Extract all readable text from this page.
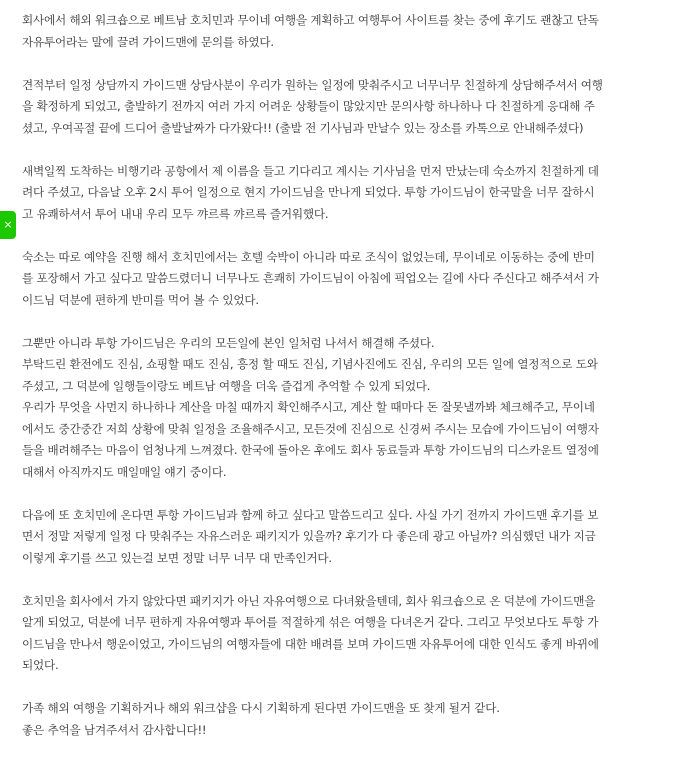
×

회사에서 해외 워크숍으로 베트남 호치민과 무이네 여행을 계획하고 여행투어 사이트를 찾는 중에 후기도 괜찮고 단독
자유투어라는 말에 끌려 가이드맨에 문의를 하였다.

견적부터 일정 상담까지 가이드맨 상담사분이 우리가 원하는 일정에 맞춰주시고 너무너무 친절하게 상담해주셔서 여행
을 확정하게 되었고, 출발하기 전까지 여러 가지 어려운 상황들이 많았지만 문의사항 하나하나 다 친절하게 응대해 주
셨고, 우여곡절 끝에 드디어 출발날짜가 다가왔다!! (출발 전 기사님과 만날수 있는 장소를 카톡으로 안내해주셨다)

새벽일찍 도착하는 비행기라 공항에서 제 이름을 들고 기다리고 계시는 기사님을 먼저 만났는데 숙소까지 친절하게 데
려다 주셨고, 다음날 오후 2시 투어 일정으로 현지 가이드님을 만나게 되었다. 투항 가이드님이 한국말을 너무 잘하시
고 유쾌하셔서 투어 내내 우리 모두 꺄르륵 꺄르륵 즐거워했다.

숙소는 따로 예약을 진행 해서 호치민에서는 호텔 숙박이 아니라 따로 조식이 없었는데, 무이네로 이동하는 중에 반미
를 포장해서 가고 싶다고 말씀드렸더니 너무나도 흔쾌히 가이드님이 아침에 픽업오는 길에 사다 주신다고 해주셔서 가
이드님 덕분에 편하게 반미를 먹어 볼 수 있었다.

그뿐만 아니라 투항 가이드님은 우리의 모든일에 본인 일처럼 나셔서 해결해 주셨다.
부탁드린 환전에도 진심, 쇼핑할 때도 진심, 흥정 할 때도 진심, 기념사진에도 진심, 우리의 모든 일에 열정적으로 도와
주셨고, 그 덕분에 일행들이랑도 베트남 여행을 더욱 즐겁게 추억할 수 있게 되었다.
우리가 무엇을 사먼지 하나하나 계산을 마칠 때까지 확인해주시고, 계산 할 때마다 돈 잘못낼까봐 체크해주고, 무이네
에서도 중간중간 저희 상황에 맞춰 일정을 조율해주시고, 모든것에 진심으로 신경써 주시는 모습에 가이드님이 여행자
들을 배려해주는 마음이 엄청나게 느껴졌다. 한국에 돌아온 후에도 회사 동료들과 투항 가이드님의 디스카운트 열정에
대해서 아직까지도 매일매일 얘기 중이다.

다음에 또 호치민에 온다면 투항 가이드님과 함께 하고 싶다고 말씀드리고 싶다. 사실 가기 전까지 가이드맨 후기를 보
면서 정말 저렇게 일정 다 맞춰주는 자유스러운 패키지가 있을까? 후기가 다 좋은데 광고 아닐까? 의심했던 내가 지금
이렇게 후기를 쓰고 있는걸 보면 정말 너무 너무 대 만족인거다.

호치민을 회사에서 가지 않았다면 패키지가 아닌 자유여행으로 다녀왔을텐데, 회사 워크숍으로 온 덕분에 가이드맨을
알게 되었고, 덕분에 너무 편하게 자유여행과 투어를 적절하게 섞은 여행을 다녀온거 같다. 그리고 무엇보다도 투항 가
이드님을 만나서 행운이었고, 가이드님의 여행자들에 대한 배려를 보며 가이드맨 자유투어에 대한 인식도 좋게 바뀌에
되었다.

가족 해외 여행을 기획하거나 해외 워크샵을 다시 기획하게 된다면 가이드맨을 또 찾게 될거 같다.
좋은 추억을 남겨주셔서 감사합니다!!
